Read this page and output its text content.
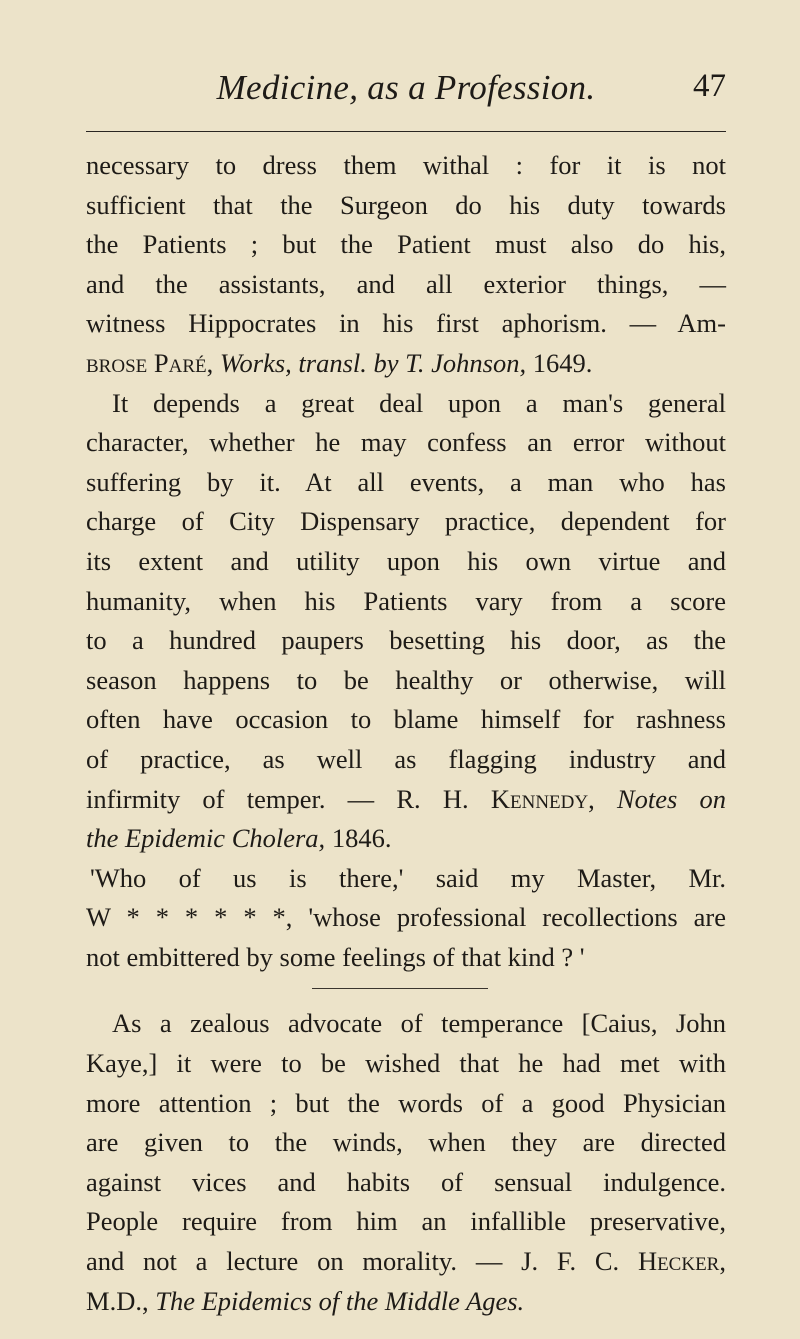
Medicine, as a Profession.	47
necessary to dress them withal : for it is not
sufficient that the Surgeon do his duty towards
the Patients ; but the Patient must also do his,
and the assistants, and all exterior things, —
witness Hippocrates in his first aphorism. — Am-
brose Paré, Works, transl. by T. Johnson, 1649.
It depends a great deal upon a man's general
character, whether he may confess an error without
suffering by it. At all events, a man who has
charge of City Dispensary practice, dependent for
its extent and utility upon his own virtue and
humanity, when his Patients vary from a score
to a hundred paupers besetting his door, as the
season happens to be healthy or otherwise, will
often have occasion to blame himself for rashness
of practice, as well as flagging industry and
infirmity of temper. — R. H. Kennedy, Notes on
the Epidemic Cholera, 1846.
'Who of us is there,' said my Master, Mr.
W * * * * * *, 'whose professional recollections are
not embittered by some feelings of that kind ? '
As a zealous advocate of temperance [Caius, John
Kaye,] it were to be wished that he had met with
more attention ; but the words of a good Physician
are given to the winds, when they are directed
against vices and habits of sensual indulgence.
People require from him an infallible preservative,
and not a lecture on morality. — J. F. C. Hecker,
M.D., The Epidemics of the Middle Ages.
